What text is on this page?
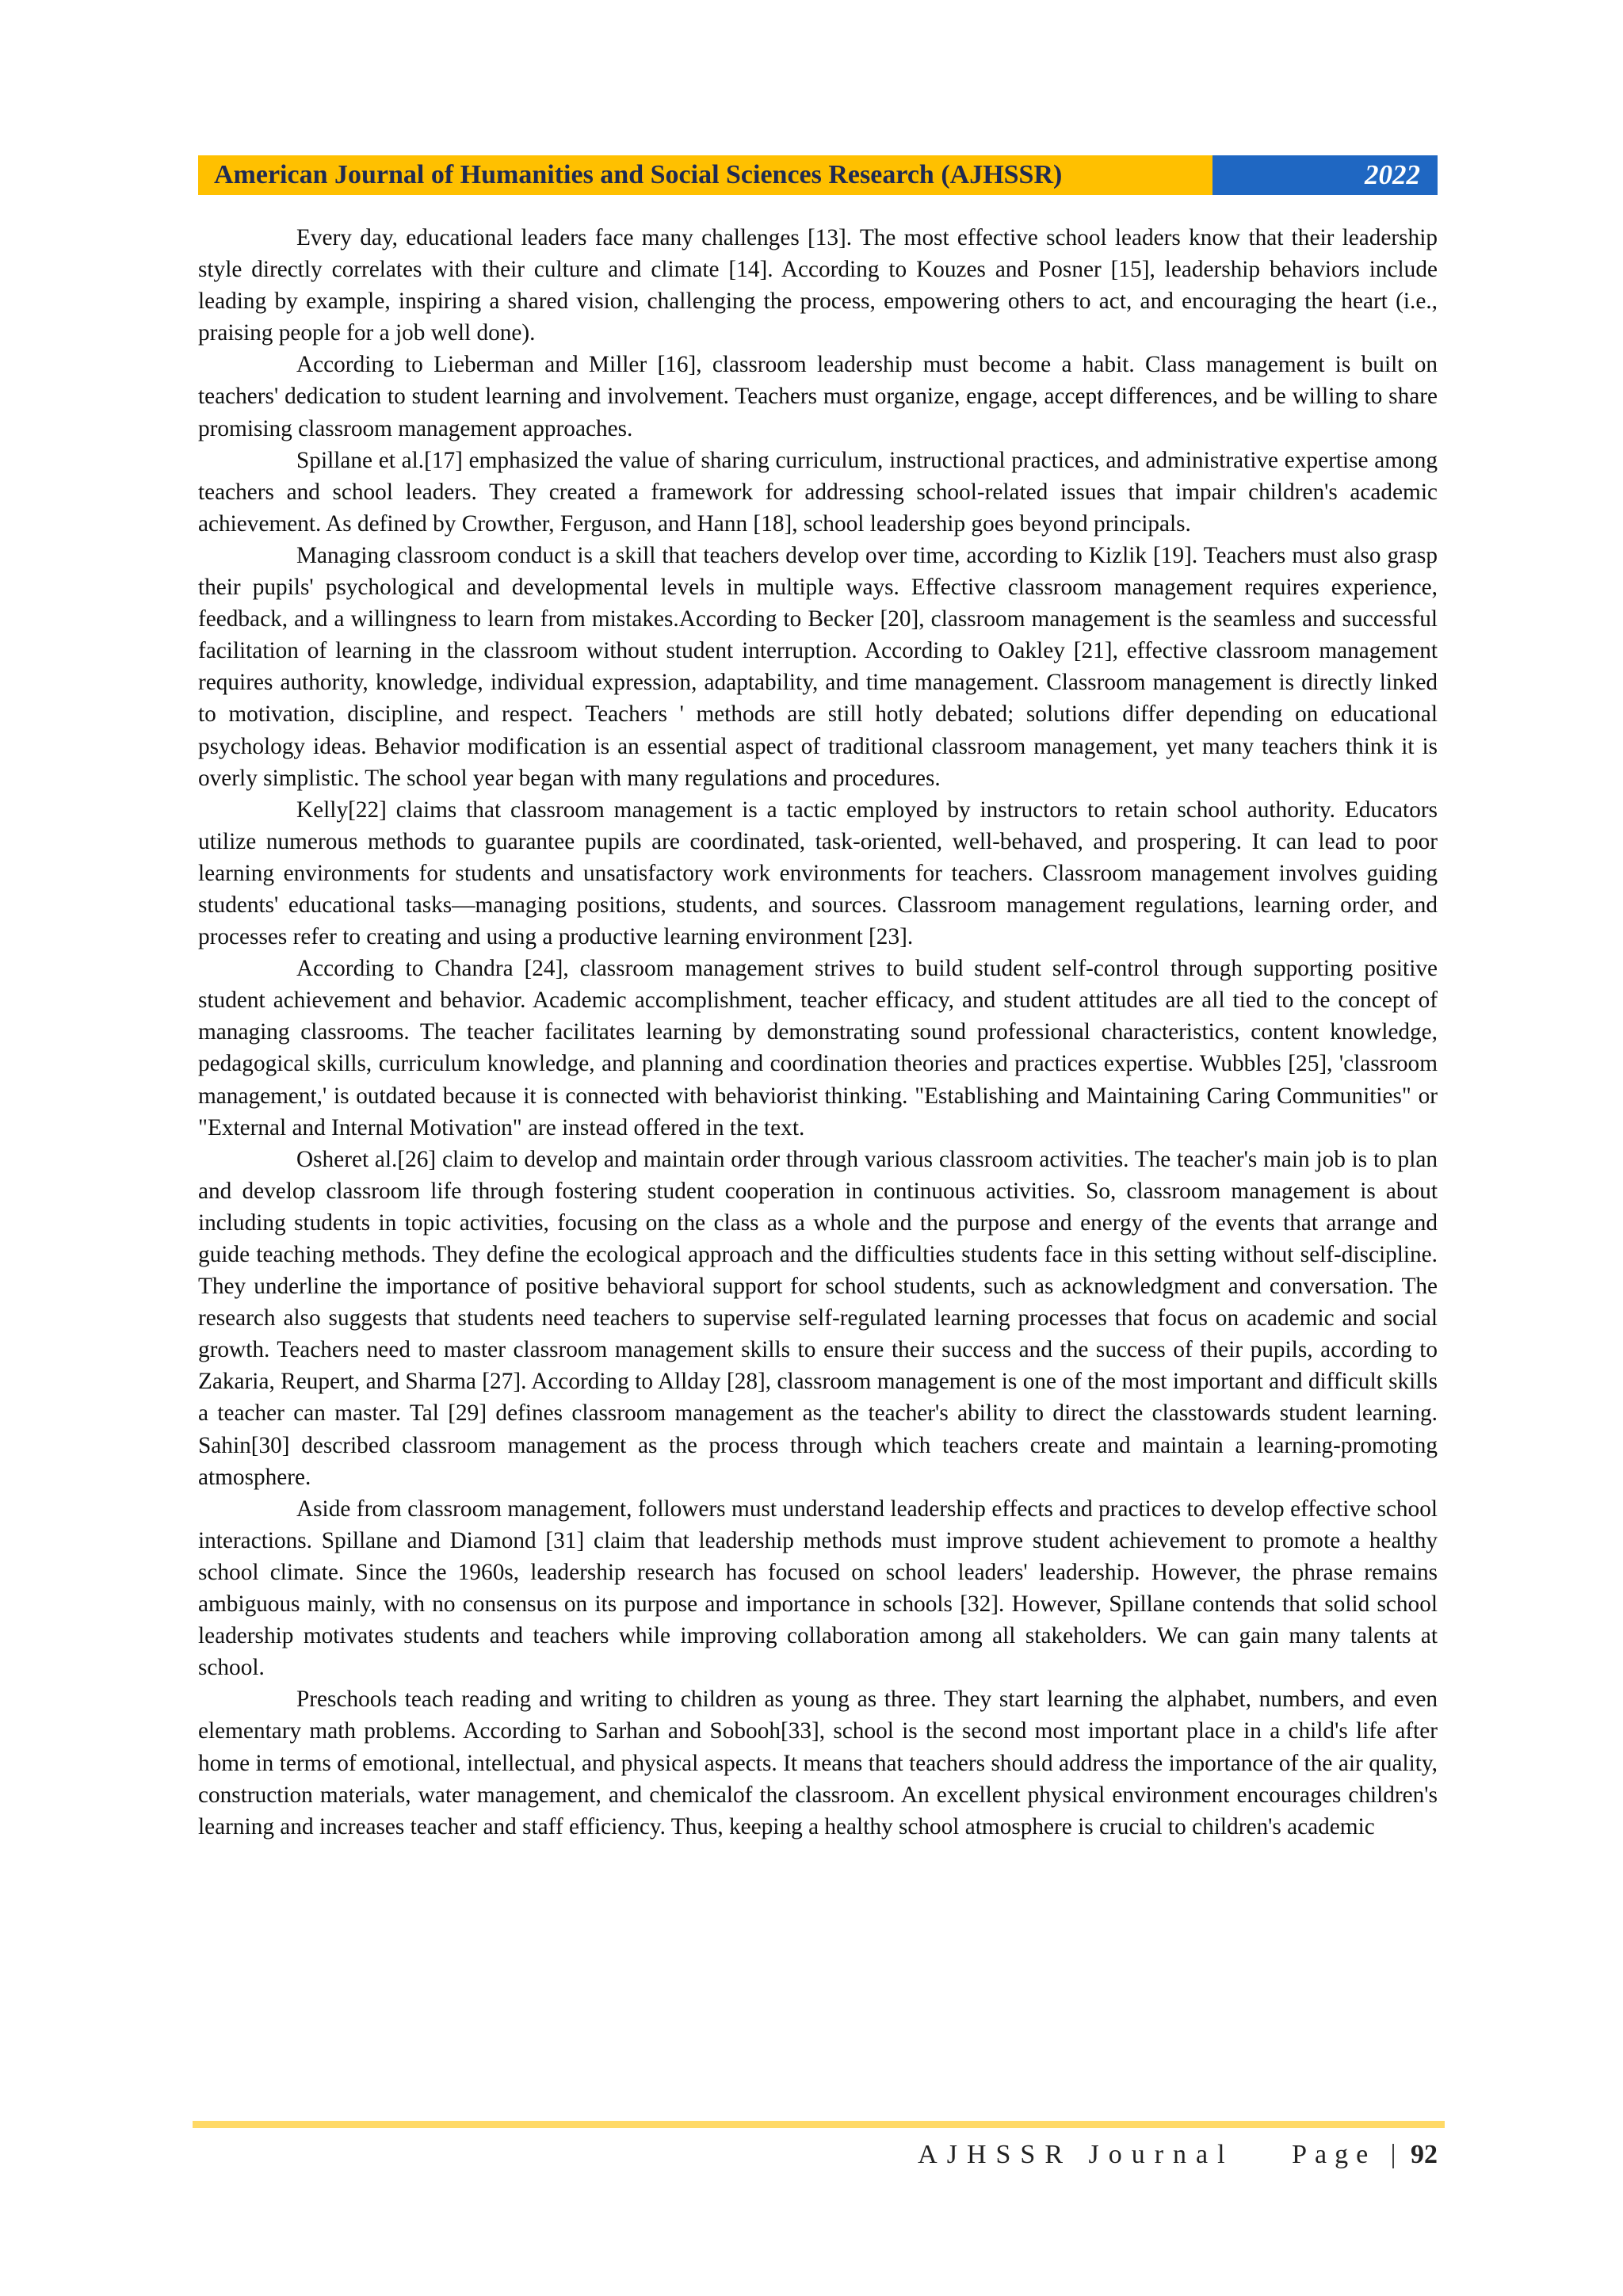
American Journal of Humanities and Social Sciences Research (AJHSSR)	2022

Every day, educational leaders face many challenges [13]. The most effective school leaders know that their leadership style directly correlates with their culture and climate [14]. According to Kouzes and Posner [15], leadership behaviors include leading by example, inspiring a shared vision, challenging the process, empowering others to act, and encouraging the heart (i.e., praising people for a job well done).

According to Lieberman and Miller [16], classroom leadership must become a habit. Class management is built on teachers' dedication to student learning and involvement. Teachers must organize, engage, accept differences, and be willing to share promising classroom management approaches.

Spillane et al.[17] emphasized the value of sharing curriculum, instructional practices, and administrative expertise among teachers and school leaders. They created a framework for addressing school-related issues that impair children's academic achievement. As defined by Crowther, Ferguson, and Hann [18], school leadership goes beyond principals.

Managing classroom conduct is a skill that teachers develop over time, according to Kizlik [19]. Teachers must also grasp their pupils' psychological and developmental levels in multiple ways. Effective classroom management requires experience, feedback, and a willingness to learn from mistakes.According to Becker [20], classroom management is the seamless and successful facilitation of learning in the classroom without student interruption. According to Oakley [21], effective classroom management requires authority, knowledge, individual expression, adaptability, and time management. Classroom management is directly linked to motivation, discipline, and respect. Teachers ' methods are still hotly debated; solutions differ depending on educational psychology ideas. Behavior modification is an essential aspect of traditional classroom management, yet many teachers think it is overly simplistic. The school year began with many regulations and procedures.

Kelly[22] claims that classroom management is a tactic employed by instructors to retain school authority. Educators utilize numerous methods to guarantee pupils are coordinated, task-oriented, well-behaved, and prospering. It can lead to poor learning environments for students and unsatisfactory work environments for teachers. Classroom management involves guiding students' educational tasks—managing positions, students, and sources. Classroom management regulations, learning order, and processes refer to creating and using a productive learning environment [23].

According to Chandra [24], classroom management strives to build student self-control through supporting positive student achievement and behavior. Academic accomplishment, teacher efficacy, and student attitudes are all tied to the concept of managing classrooms. The teacher facilitates learning by demonstrating sound professional characteristics, content knowledge, pedagogical skills, curriculum knowledge, and planning and coordination theories and practices expertise. Wubbles [25], 'classroom management,' is outdated because it is connected with behaviorist thinking. "Establishing and Maintaining Caring Communities" or "External and Internal Motivation" are instead offered in the text.

Osheret al.[26] claim to develop and maintain order through various classroom activities. The teacher's main job is to plan and develop classroom life through fostering student cooperation in continuous activities. So, classroom management is about including students in topic activities, focusing on the class as a whole and the purpose and energy of the events that arrange and guide teaching methods. They define the ecological approach and the difficulties students face in this setting without self-discipline. They underline the importance of positive behavioral support for school students, such as acknowledgment and conversation. The research also suggests that students need teachers to supervise self-regulated learning processes that focus on academic and social growth. Teachers need to master classroom management skills to ensure their success and the success of their pupils, according to Zakaria, Reupert, and Sharma [27]. According to Allday [28], classroom management is one of the most important and difficult skills a teacher can master. Tal [29] defines classroom management as the teacher's ability to direct the classtowards student learning. Sahin[30] described classroom management as the process through which teachers create and maintain a learning-promoting atmosphere.

Aside from classroom management, followers must understand leadership effects and practices to develop effective school interactions. Spillane and Diamond [31] claim that leadership methods must improve student achievement to promote a healthy school climate. Since the 1960s, leadership research has focused on school leaders' leadership. However, the phrase remains ambiguous mainly, with no consensus on its purpose and importance in schools [32]. However, Spillane contends that solid school leadership motivates students and teachers while improving collaboration among all stakeholders. We can gain many talents at school.

Preschools teach reading and writing to children as young as three. They start learning the alphabet, numbers, and even elementary math problems. According to Sarhan and Sobooh[33], school is the second most important place in a child's life after home in terms of emotional, intellectual, and physical aspects. It means that teachers should address the importance of the air quality, construction materials, water management, and chemicalof the classroom. An excellent physical environment encourages children's learning and increases teacher and staff efficiency. Thus, keeping a healthy school atmosphere is crucial to children's academic

AJHSSR Journal Page | 92
